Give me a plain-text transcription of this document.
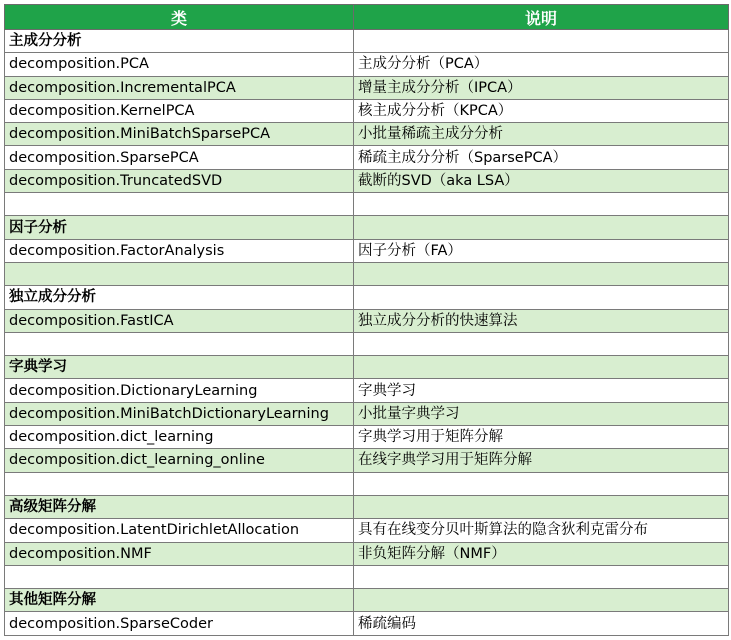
类	说明
主成分分析	
decomposition.PCA	主成分分析（PCA）
decomposition.IncrementalPCA	增量主成分分析（IPCA）
decomposition.KernelPCA	核主成分分析（KPCA）
decomposition.MiniBatchSparsePCA	小批量稀疏主成分分析
decomposition.SparsePCA	稀疏主成分分析（SparsePCA）
decomposition.TruncatedSVD	截断的SVD（aka LSA）

因子分析	
decomposition.FactorAnalysis	因子分析（FA）

独立成分分析	
decomposition.FastICA	独立成分分析的快速算法

字典学习	
decomposition.DictionaryLearning	字典学习
decomposition.MiniBatchDictionaryLearning	小批量字典学习
decomposition.dict_learning	字典学习用于矩阵分解
decomposition.dict_learning_online	在线字典学习用于矩阵分解

高级矩阵分解	
decomposition.LatentDirichletAllocation	具有在线变分贝叶斯算法的隐含狄利克雷分布
decomposition.NMF	非负矩阵分解（NMF）

其他矩阵分解	
decomposition.SparseCoder	稀疏编码
